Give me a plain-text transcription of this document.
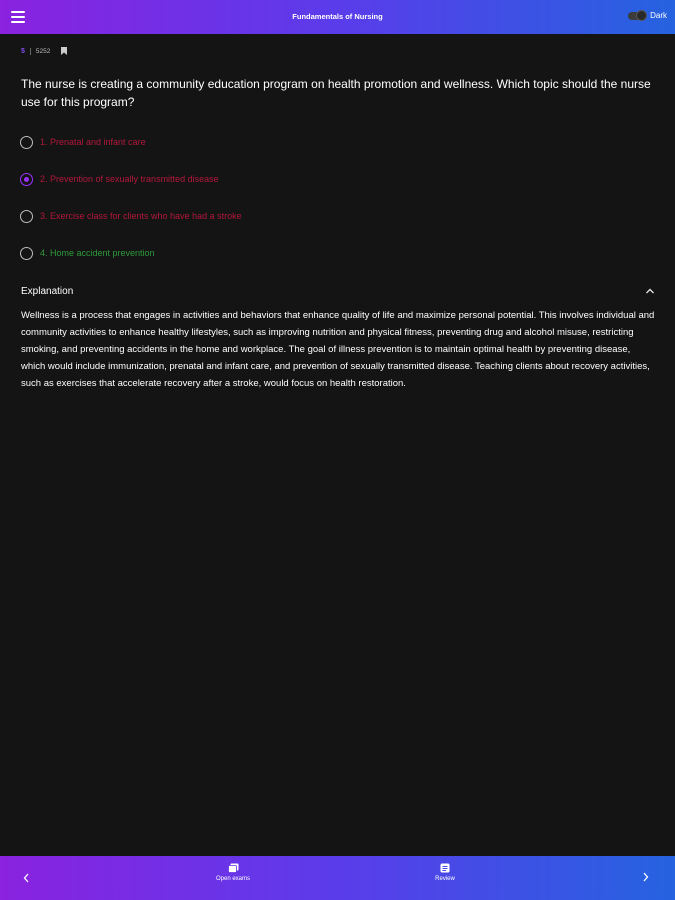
Fundamentals of Nursing	Dark
5 5252
The nurse is creating a community education program on health promotion and wellness. Which topic should the nurse use for this program?
1. Prenatal and infant care
2. Prevention of sexually transmitted disease
3. Exercise class for clients who have had a stroke
4. Home accident prevention
Explanation
Wellness is a process that engages in activities and behaviors that enhance quality of life and maximize personal potential. This involves individual and community activities to enhance healthy lifestyles, such as improving nutrition and physical fitness, preventing drug and alcohol misuse, restricting smoking, and preventing accidents in the home and workplace. The goal of illness prevention is to maintain optimal health by preventing disease, which would include immunization, prenatal and infant care, and prevention of sexually transmitted disease. Teaching clients about recovery activities, such as exercises that accelerate recovery after a stroke, would focus on health restoration.
Open exams	Review
